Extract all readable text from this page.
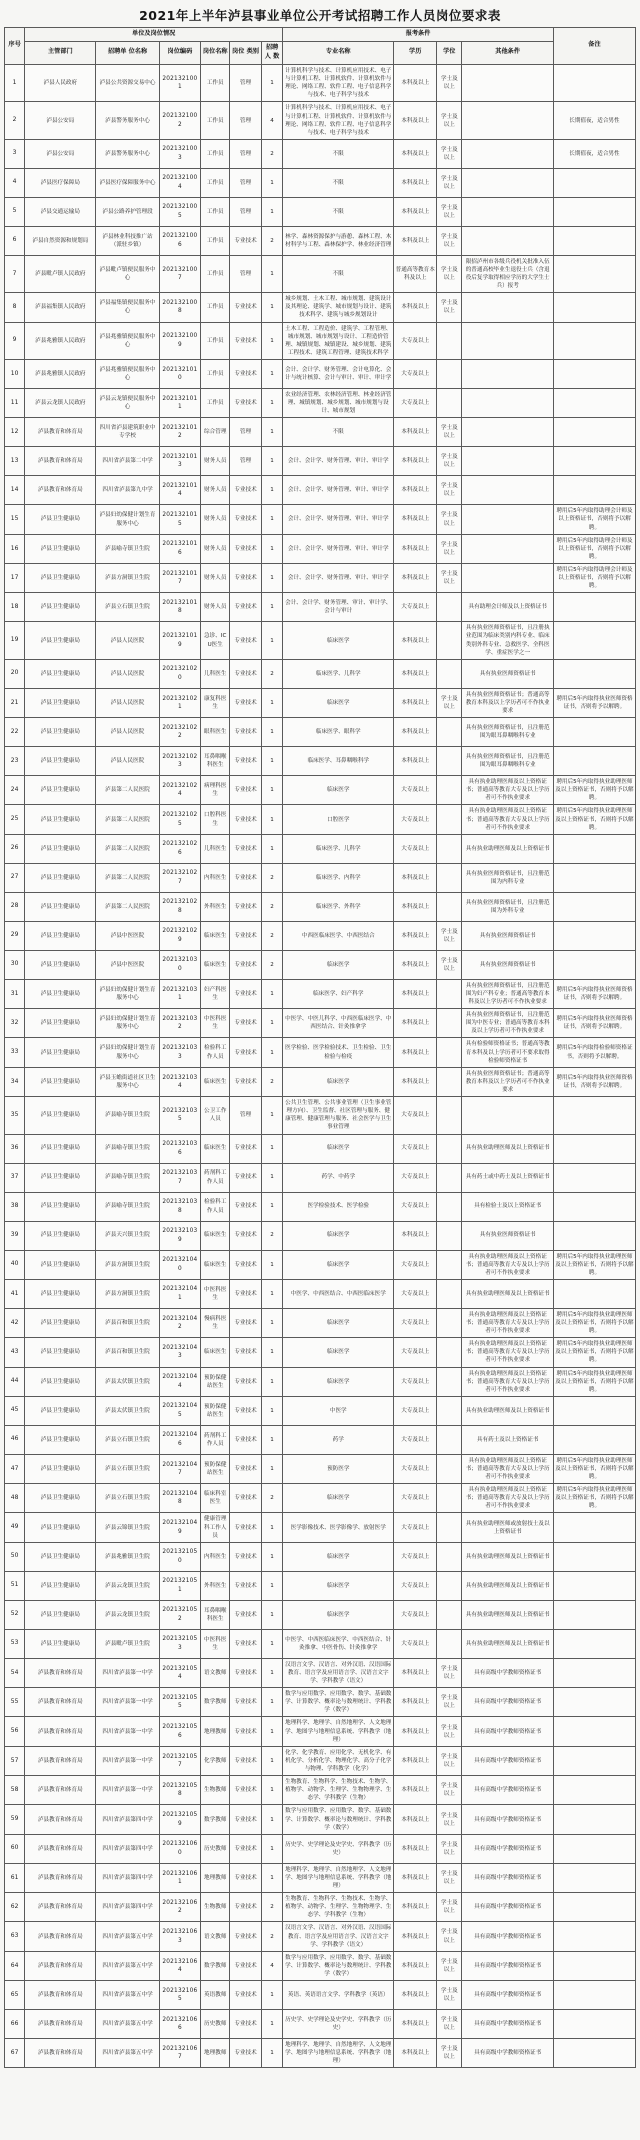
2021年上半年泸县事业单位公开考试招聘工作人员岗位要求表
序号	单位及岗位情况						报考条件				备注
	主管部门	招聘单 位名称	岗位编码	岗位名称	岗位 类别	招聘人 数	专业名称	学历	学位	其他条件	
1	泸县人民政府	泸县公共资源交易中心	2021321001	工作员	管理	1	计算机科学与技术、计算机应用技术、电子与计算机工程、计算机软件、计算机软件与理论、网络工程、软件工程、电子信息科学与技术、电子科学与技术	本科及以上	学士及以上		
2	泸县公安局	泸县警务服务中心	2021321002	工作员	管理	4	计算机科学与技术、计算机应用技术、电子与计算机工程、计算机软件、计算机软件与理论、网络工程、软件工程、电子信息科学与技术、电子科学与技术	本科及以上	学士及以上		长期值夜，适合男性
3	泸县公安局	泸县警务服务中心	2021321003	工作员	管理	2	不限	本科及以上	学士及以上		长期值夜，适合男性
4	泸县医疗保障局	泸县医疗保障服务中心	2021321004	工作员	管理	1	不限	本科及以上	学士及以上		
5	泸县交通运输局	泸县公路养护管理段	2021321005	工作员	管理	1	不限	本科及以上	学士及以上		
6	泸县自然资源和规划局	泸县林业科技推广站（派驻乡镇）	2021321006	工作员	专业技术	2	林学、森林资源保护与游憩、森林工程、木材科学与工程、森林保护学、林业经济管理	本科及以上	学士及以上		
7	泸县毗卢镇人民政府	泸县毗卢镇便民服务中心	2021321007	工作员	管理	1	不限	普通高等教育本科及以上	学士及以上	限招泸州市各级兵役机关批准入伍的普通高校毕业生退役士兵（含退役后复学取得相应学历的大学生士兵）报考	
8	泸县福集镇人民政府	泸县福集镇便民服务中心	2021321008	工作员	专业技术	1	城乡规划、土木工程、城市规划、建筑设计及其理论、建筑学、城市规划与设计、建筑技术科学、建筑与城乡规划设计	本科及以上	学士及以上		
9	泸县兆雅镇人民政府	泸县兆雅镇便民服务中心	2021321009	工作员	专业技术	1	土木工程、工程造价、建筑学、工程管理、城市规划、城市规划与设计、工程造价管理、城镇规划、城镇建设、城乡规划、建筑工程技术、建筑工程管理、建筑技术科学	大专及以上			
10	泸县兆雅镇人民政府	泸县兆雅镇便民服务中心	2021321010	工作员	专业技术	1	会计、会计学、财务管理、会计电算化、会计与统计核算、会计与审计、审计、审计学	大专及以上			
11	泸县云龙镇人民政府	泸县云龙镇便民服务中心	2021321011	工作员	专业技术	1	农业经济管理、农林经济管理、林业经济管理、城镇规划、城乡规划、城市规划与设计、城市规划	大专及以上			
12	泸县教育和体育局	四川省泸县建筑职业中专学校	2021321012	综合管理	管理	1	不限	本科及以上	学士及以上		
13	泸县教育和体育局	四川省泸县第二中学	2021321013	财务人员	管理	1	会计、会计学、财务管理、审计、审计学	本科及以上	学士及以上		
14	泸县教育和体育局	四川省泸县第九中学	2021321014	财务人员	专业技术	1	会计、会计学、财务管理、审计、审计学	本科及以上	学士及以上		
15	泸县卫生健康局	泸县妇幼保健计划生育服务中心	2021321015	财务人员	专业技术	1	会计、会计学、财务管理、审计、审计学	本科及以上	学士及以上		聘用后5年内取得助理会计师及以上资格证书，否则将予以解聘。
16	泸县卫生健康局	泸县喻寺镇卫生院	2021321016	财务人员	专业技术	1	会计、会计学、财务管理、审计、审计学	本科及以上	学士及以上		聘用后5年内取得助理会计师及以上资格证书，否则将予以解聘。
17	泸县卫生健康局	泸县方洞镇卫生院	2021321017	财务人员	专业技术	1	会计、会计学、财务管理、审计、审计学	本科及以上	学士及以上		聘用后5年内取得助理会计师及以上资格证书，否则将予以解聘。
18	泸县卫生健康局	泸县立石镇卫生院	2021321018	财务人员	专业技术	1	会计、会计学、财务管理、审计、审计学、会计与审计	大专及以上		具有助理会计师及以上资格证书	
19	泸县卫生健康局	泸县人民医院	2021321019	急诊、ICU医生	专业技术	1	临床医学	本科及以上		具有执业医师资格证书，且注册执业范围为临床类别内科专业、临床类别外科专业、急救医学、全科医学、重症医学之一	
20	泸县卫生健康局	泸县人民医院	2021321020	儿科医生	专业技术	2	临床医学、儿科学	本科及以上		具有执业医师资格证书	
21	泸县卫生健康局	泸县人民医院	2021321021	康复科医生	专业技术	1	临床医学	本科及以上	学士及以上	具有执业医师资格证书；普通高等教育本科及以上学历者可不作执业要求	聘用后5年内取得执业医师资格证书，否则将予以解聘。
22	泸县卫生健康局	泸县人民医院	2021321022	眼科医生	专业技术	1	临床医学、眼科学	本科及以上		具有执业医师资格证书，且注册范围为眼耳鼻咽喉科专业	
23	泸县卫生健康局	泸县人民医院	2021321023	耳鼻咽喉科医生	专业技术	1	临床医学、耳鼻咽喉科学	本科及以上		具有执业医师资格证书，且注册范围为眼耳鼻咽喉科专业	
24	泸县卫生健康局	泸县第二人民医院	2021321024	病理科医生	专业技术	1	临床医学	大专及以上		具有执业助理医师及以上资格证书；普通高等教育大专及以上学历者可不作执业要求	聘用后5年内取得执业助理医师及以上资格证书，否则将予以解聘。
25	泸县卫生健康局	泸县第二人民医院	2021321025	口腔科医生	专业技术	1	口腔医学	大专及以上		具有执业助理医师及以上资格证书；普通高等教育大专及以上学历者可不作执业要求	聘用后5年内取得执业助理医师及以上资格证书，否则将予以解聘。
26	泸县卫生健康局	泸县第二人民医院	2021321026	儿科医生	专业技术	1	临床医学、儿科学	大专及以上		具有执业助理医师及以上资格证书	
27	泸县卫生健康局	泸县第二人民医院	2021321027	内科医生	专业技术	2	临床医学、内科学	本科及以上		具有执业医师资格证书，且注册范围为内科专业	
28	泸县卫生健康局	泸县第二人民医院	2021321028	外科医生	专业技术	2	临床医学、外科学	本科及以上		具有执业医师资格证书，且注册范围为外科专业	
29	泸县卫生健康局	泸县中医医院	2021321029	临床医生	专业技术	2	中西医临床医学、中西医结合	本科及以上	学士及以上	具有执业医师资格证书	
30	泸县卫生健康局	泸县中医医院	2021321030	临床医生	专业技术	2	临床医学	本科及以上	学士及以上	具有执业医师资格证书	
31	泸县卫生健康局	泸县妇幼保健计划生育服务中心	2021321031	妇产科医生	专业技术	1	临床医学、妇产科学	本科及以上		具有执业医师资格证书，且注册范围为妇产科专业；普通高等教育本科及以上学历者可不作执业要求	聘用后5年内取得执业医师资格证书，否则将予以解聘。
32	泸县卫生健康局	泸县妇幼保健计划生育服务中心	2021321032	中医科医生	专业技术	1	中医学、中医儿科学、中西医临床医学、中西医结合、针灸推拿学	本科及以上		具有执业医师资格证书，且注册范围为中医专业；普通高等教育本科及以上学历者可不作执业要求	聘用后5年内取得执业医师资格证书，否则将予以解聘。
33	泸县卫生健康局	泸县妇幼保健计划生育服务中心	2021321033	检验科工作人员	专业技术	1	医学检验、医学检验技术、卫生检验、卫生检验与检疫	本科及以上		具有检验师资格证书；普通高等教育本科及以上学历者可不要求取得检验师资格证书	聘用后5年内取得检验师资格证书，否则将予以解聘。
34	泸县卫生健康局	泸县玉蟾街道社区卫生服务中心	2021321034	临床医生	专业技术	2	临床医学	本科及以上		具有执业医师资格证书；普通高等教育本科及以上学历者可不作执业要求	聘用后5年内取得执业医师资格证书，否则将予以解聘。
35	泸县卫生健康局	泸县喻寺镇卫生院	2021321035	公卫工作人员	管理	1	公共卫生管理、公共事业管理（卫生事业管理方向）、卫生监督、社区管理与服务、健康管理、健康管理与服务、社会医学与卫生事业管理	大专及以上			
36	泸县卫生健康局	泸县喻寺镇卫生院	2021321036	临床医生	专业技术	1	临床医学	大专及以上		具有执业助理医师及以上资格证书	
37	泸县卫生健康局	泸县喻寺镇卫生院	2021321037	药剂科工作人员	专业技术	1	药学、中药学	大专及以上		具有药士或中药士及以上资格证书	
38	泸县卫生健康局	泸县喻寺镇卫生院	2021321038	检验科工作人员	专业技术	1	医学检验技术、医学检验	大专及以上		具有检验士及以上资格证书	
39	泸县卫生健康局	泸县天兴镇卫生院	2021321039	临床医生	专业技术	2	临床医学	本科及以上		具有执业医师资格证书	
40	泸县卫生健康局	泸县方洞镇卫生院	2021321040	临床医生	专业技术	1	临床医学	大专及以上		具有执业助理医师及以上资格证书；普通高等教育大专及以上学历者可不作执业要求	聘用后5年内取得执业助理医师及以上资格证书，否则将予以解聘。
41	泸县卫生健康局	泸县方洞镇卫生院	2021321041	中医科医生	专业技术	1	中医学、中西医结合、中西医临床医学	大专及以上		具有执业助理医师及以上资格证书	
42	泸县卫生健康局	泸县百和镇卫生院	2021321042	慢病科医生	专业技术	1	临床医学	大专及以上		具有执业助理医师及以上资格证书；普通高等教育大专及以上学历者可不作执业要求	聘用后5年内取得执业助理医师及以上资格证书，否则将予以解聘。
43	泸县卫生健康局	泸县百和镇卫生院	2021321043	临床医生	专业技术	1	临床医学	大专及以上		具有执业助理医师及以上资格证书；普通高等教育大专及以上学历者可不作执业要求	聘用后5年内取得执业助理医师及以上资格证书，否则将予以解聘。
44	泸县卫生健康局	泸县太伏镇卫生院	2021321044	预防保健站医生	专业技术	1	临床医学	大专及以上		具有执业助理医师及以上资格证书；普通高等教育大专及以上学历者可不作执业要求	聘用后5年内取得执业助理医师及以上资格证书，否则将予以解聘。
45	泸县卫生健康局	泸县太伏镇卫生院	2021321045	预防保健站医生	专业技术	1	中医学	大专及以上		具有执业助理医师及以上资格证书	
46	泸县卫生健康局	泸县立石镇卫生院	2021321046	药剂科工作人员	专业技术	1	药学	大专及以上		具有药士及以上资格证书	
47	泸县卫生健康局	泸县立石镇卫生院	2021321047	预防保健站医生	专业技术	1	预防医学	大专及以上		具有执业助理医师及以上资格证书；普通高等教育大专及以上学历者可不作执业要求	聘用后5年内取得执业助理医师及以上资格证书，否则将予以解聘。
48	泸县卫生健康局	泸县立石镇卫生院	2021321048	临床科室医生	专业技术	2	临床医学	大专及以上		具有执业助理医师及以上资格证书；普通高等教育大专及以上学历者可不作执业要求	聘用后5年内取得执业助理医师及以上资格证书，否则将予以解聘。
49	泸县卫生健康局	泸县云锦镇卫生院	2021321049	健康管理科工作人员	专业技术	1	医学影像技术、医学影像学、放射医学	大专及以上		具有执业助理医师或放射技士及以上资格证书	
50	泸县卫生健康局	泸县兆雅镇卫生院	2021321050	内科医生	专业技术	1	临床医学	大专及以上		具有执业助理医师及以上资格证书	
51	泸县卫生健康局	泸县云龙镇卫生院	2021321051	外科医生	专业技术	1	临床医学	大专及以上		具有执业助理医师及以上资格证书	
52	泸县卫生健康局	泸县云龙镇卫生院	2021321052	耳鼻咽喉科医生	专业技术	1	临床医学	大专及以上		具有执业助理医师及以上资格证书	
53	泸县卫生健康局	泸县毗卢镇卫生院	2021321053	中医科医生	专业技术	1	中医学、中西医临床医学、中西医结合、针灸推拿、中医骨伤、针灸推拿学	大专及以上		具有执业助理医师及以上资格证书	
54	泸县教育和体育局	四川省泸县第一中学	2021321054	语文教师	专业技术	1	汉语言文学、汉语言、对外汉语、汉语国际教育、语言学及应用语言学、汉语言文字学、学科教学（语文）	本科及以上	学士及以上	具有高级中学教师资格证书	
55	泸县教育和体育局	四川省泸县第一中学	2021321055	数学教师	专业技术	1	数学与应用数学、应用数学、数学、基础数学、计算数学、概率论与数理统计、学科教学（数学）	本科及以上	学士及以上	具有高级中学教师资格证书	
56	泸县教育和体育局	四川省泸县第一中学	2021321056	地理教师	专业技术	1	地理科学、地理学、自然地理学、人文地理学、地图学与地理信息系统、学科教学（地理）	本科及以上	学士及以上	具有高级中学教师资格证书	
57	泸县教育和体育局	四川省泸县第一中学	2021321057	化学教师	专业技术	1	化学、化学教育、应用化学、无机化学、有机化学、分析化学、物理化学、高分子化学与物理、学科教学（化学）	本科及以上	学士及以上	具有高级中学教师资格证书	
58	泸县教育和体育局	四川省泸县第一中学	2021321058	生物教师	专业技术	1	生物教育、生物科学、生物技术、生物学、植物学、动物学、生理学、生物物理学、生态学、学科教学（生物）	本科及以上	学士及以上	具有高级中学教师资格证书	
59	泸县教育和体育局	四川省泸县第四中学	2021321059	数学教师	专业技术	1	数学与应用数学、应用数学、数学、基础数学、计算数学、概率论与数理统计、学科教学（数学）	本科及以上	学士及以上	具有高级中学教师资格证书	
60	泸县教育和体育局	四川省泸县第四中学	2021321060	历史教师	专业技术	1	历史学、史学理论及史学史、学科教学（历史）	本科及以上	学士及以上	具有高级中学教师资格证书	
61	泸县教育和体育局	四川省泸县第四中学	2021321061	地理教师	专业技术	1	地理科学、地理学、自然地理学、人文地理学、地图学与地理信息系统、学科教学（地理）	本科及以上	学士及以上	具有高级中学教师资格证书	
62	泸县教育和体育局	四川省泸县第四中学	2021321062	生物教师	专业技术	2	生物教育、生物科学、生物技术、生物学、植物学、动物学、生理学、生物物理学、生态学、学科教学（生物）	本科及以上	学士及以上	具有高级中学教师资格证书	
63	泸县教育和体育局	四川省泸县第五中学	2021321063	语文教师	专业技术	2	汉语言文学、汉语言、对外汉语、汉语国际教育、语言学及应用语言学、汉语言文字学、学科教学（语文）	本科及以上	学士及以上	具有高级中学教师资格证书	
64	泸县教育和体育局	四川省泸县第五中学	2021321064	数学教师	专业技术	4	数学与应用数学、应用数学、数学、基础数学、计算数学、概率论与数理统计、学科教学（数学）	本科及以上	学士及以上	具有高级中学教师资格证书	
65	泸县教育和体育局	四川省泸县第五中学	2021321065	英语教师	专业技术	1	英语、英语语言文学、学科教学（英语）	本科及以上	学士及以上	具有高级中学教师资格证书	
66	泸县教育和体育局	四川省泸县第五中学	2021321066	历史教师	专业技术	1	历史学、史学理论及史学史、学科教学（历史）	本科及以上	学士及以上	具有高级中学教师资格证书	
67	泸县教育和体育局	四川省泸县第五中学	2021321067	地理教师	专业技术	1	地理科学、地理学、自然地理学、人文地理学、地图学与地理信息系统、学科教学（地理）	本科及以上	学士及以上	具有高级中学教师资格证书	
